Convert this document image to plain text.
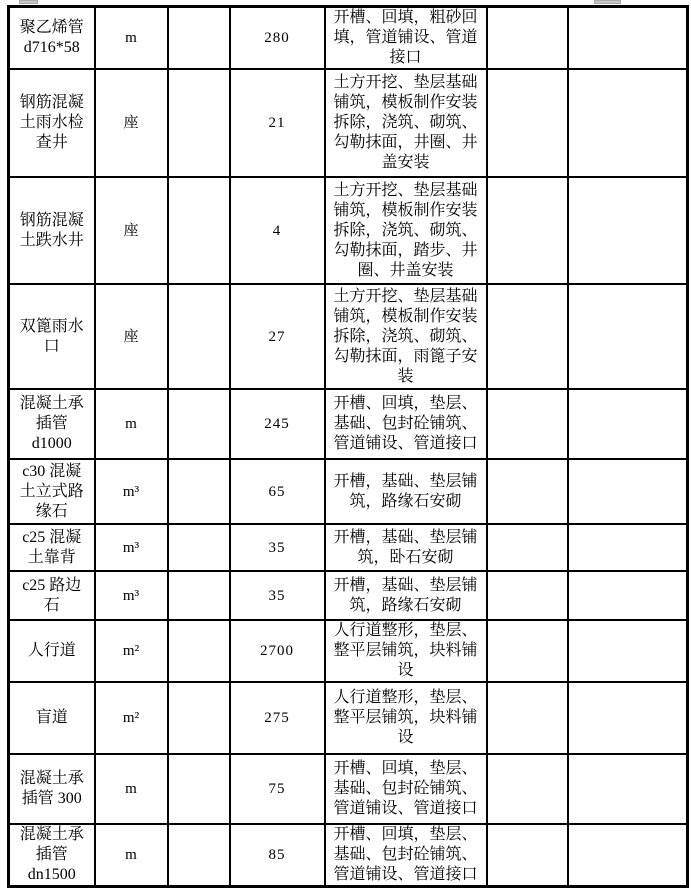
聚乙烯管d716*58	m		280	开槽、回填，粗砂回填，管道铺设、管道接口		
钢筋混凝土雨水检查井	座		21	土方开挖、垫层基础铺筑，模板制作安装拆除，浇筑、砌筑、勾勒抹面，井圈、井盖安装		
钢筋混凝土跌水井	座		4	土方开挖、垫层基础铺筑，模板制作安装拆除，浇筑、砌筑、勾勒抹面，踏步、井圈、井盖安装		
双篦雨水口	座		27	土方开挖、垫层基础铺筑，模板制作安装拆除，浇筑、砌筑、勾勒抹面，雨篦子安装		
混凝土承插管 d1000	m		245	开槽、回填，垫层、基础、包封砼铺筑、管道铺设、管道接口		
c30 混凝土立式路缘石	m³		65	开槽，基础、垫层铺筑，路缘石安砌		
c25 混凝土靠背	m³		35	开槽，基础、垫层铺筑，卧石安砌		
c25 路边石	m³		35	开槽，基础、垫层铺筑，路缘石安砌		
人行道	m²		2700	人行道整形，垫层、整平层铺筑，块料铺设		
盲道	m²		275	人行道整形，垫层、整平层铺筑，块料铺设		
混凝土承插管 300	m		75	开槽、回填，垫层、基础、包封砼铺筑、管道铺设、管道接口		
混凝土承插管 dn1500	m		85	开槽、回填，垫层、基础、包封砼铺筑、管道铺设、管道接口		
